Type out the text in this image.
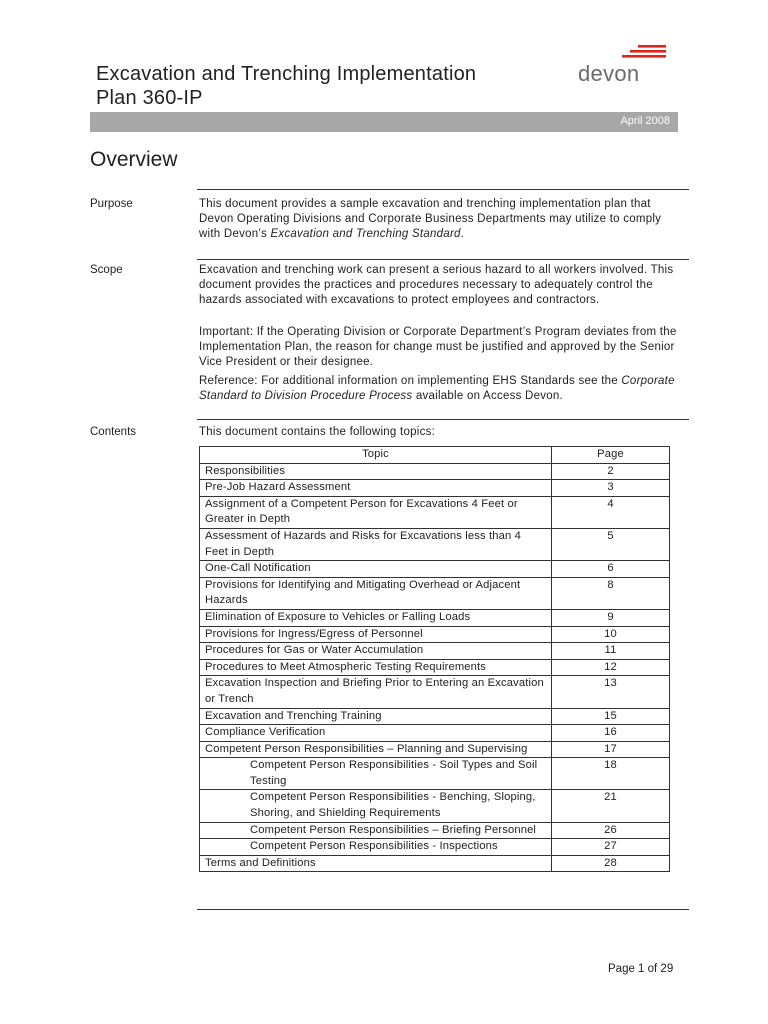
Excavation and Trenching Implementation
Plan 360-IP
devon
April 2008
Overview
Purpose	This document provides a sample excavation and trenching implementation plan that Devon Operating Divisions and Corporate Business Departments may utilize to comply with Devon’s Excavation and Trenching Standard.

Scope	Excavation and trenching work can present a serious hazard to all workers involved. This document provides the practices and procedures necessary to adequately control the hazards associated with excavations to protect employees and contractors.

Important: If the Operating Division or Corporate Department’s Program deviates from the Implementation Plan, the reason for change must be justified and approved by the Senior Vice President or their designee.

Reference: For additional information on implementing EHS Standards see the Corporate Standard to Division Procedure Process available on Access Devon.

Contents	This document contains the following topics:

Topic	Page
Responsibilities	2
Pre-Job Hazard Assessment	3
Assignment of a Competent Person for Excavations 4 Feet or Greater in Depth	4
Assessment of Hazards and Risks for Excavations less than 4 Feet in Depth	5
One-Call Notification	6
Provisions for Identifying and Mitigating Overhead or Adjacent Hazards	8
Elimination of Exposure to Vehicles or Falling Loads	9
Provisions for Ingress/Egress of Personnel	10
Procedures for Gas or Water Accumulation	11
Procedures to Meet Atmospheric Testing Requirements	12
Excavation Inspection and Briefing Prior to Entering an Excavation or Trench	13
Excavation and Trenching Training	15
Compliance Verification	16
Competent Person Responsibilities – Planning and Supervising	17
Competent Person Responsibilities - Soil Types and Soil Testing	18
Competent Person Responsibilities - Benching, Sloping, Shoring, and Shielding Requirements	21
Competent Person Responsibilities – Briefing Personnel	26
Competent Person Responsibilities - Inspections	27
Terms and Definitions	28
Page 1 of 29
